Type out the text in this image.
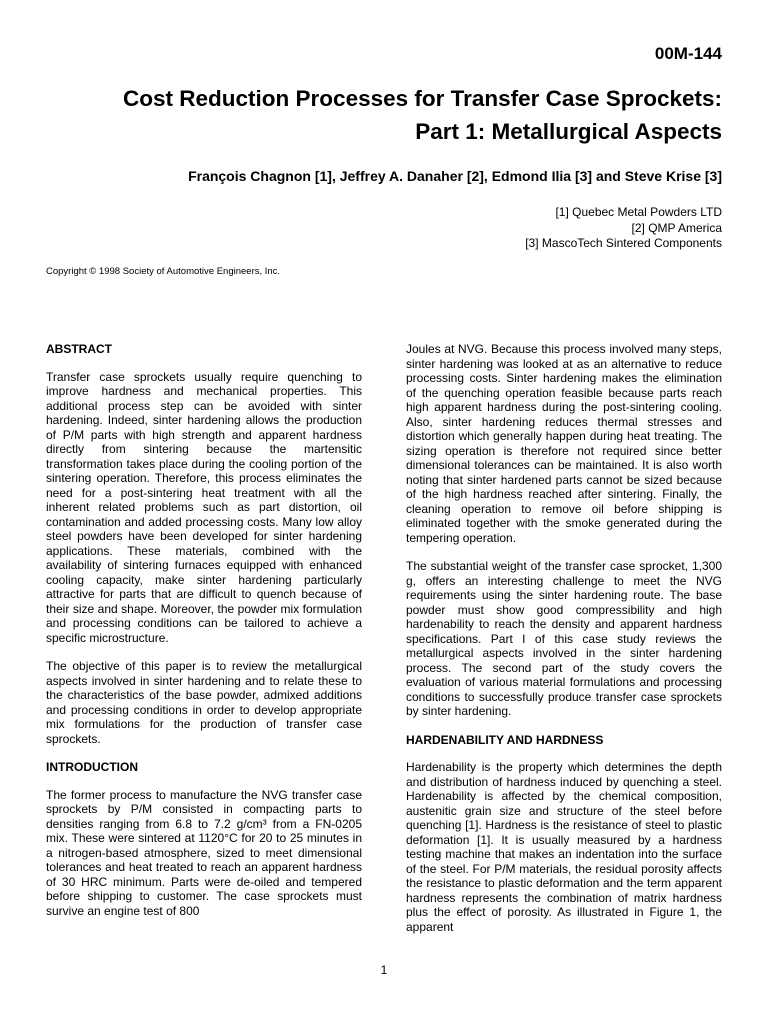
00M-144
Cost Reduction Processes for Transfer Case Sprockets:
Part 1: Metallurgical Aspects
François Chagnon [1], Jeffrey A. Danaher [2], Edmond Ilia [3] and Steve Krise [3]
[1] Quebec Metal Powders LTD
[2] QMP America
[3] MascoTech Sintered Components
Copyright © 1998 Society of Automotive Engineers, Inc.
ABSTRACT

Transfer case sprockets usually require quenching to improve hardness and mechanical properties. This additional process step can be avoided with sinter hardening. Indeed, sinter hardening allows the production of P/M parts with high strength and apparent hardness directly from sintering because the martensitic transformation takes place during the cooling portion of the sintering operation. Therefore, this process eliminates the need for a post-sintering heat treatment with all the inherent related problems such as part distortion, oil contamination and added processing costs. Many low alloy steel powders have been developed for sinter hardening applications. These materials, combined with the availability of sintering furnaces equipped with enhanced cooling capacity, make sinter hardening particularly attractive for parts that are difficult to quench because of their size and shape. Moreover, the powder mix formulation and processing conditions can be tailored to achieve a specific microstructure.

The objective of this paper is to review the metallurgical aspects involved in sinter hardening and to relate these to the characteristics of the base powder, admixed additions and processing conditions in order to develop appropriate mix formulations for the production of transfer case sprockets.

INTRODUCTION

The former process to manufacture the NVG transfer case sprockets by P/M consisted in compacting parts to densities ranging from 6.8 to 7.2 g/cm³ from a FN-0205 mix. These were sintered at 1120°C for 20 to 25 minutes in a nitrogen-based atmosphere, sized to meet dimensional tolerances and heat treated to reach an apparent hardness of 30 HRC minimum. Parts were de-oiled and tempered before shipping to customer. The case sprockets must survive an engine test of 800

Joules at NVG. Because this process involved many steps, sinter hardening was looked at as an alternative to reduce processing costs. Sinter hardening makes the elimination of the quenching operation feasible because parts reach high apparent hardness during the post-sintering cooling. Also, sinter hardening reduces thermal stresses and distortion which generally happen during heat treating. The sizing operation is therefore not required since better dimensional tolerances can be maintained. It is also worth noting that sinter hardened parts cannot be sized because of the high hardness reached after sintering. Finally, the cleaning operation to remove oil before shipping is eliminated together with the smoke generated during the tempering operation.

The substantial weight of the transfer case sprocket, 1,300 g, offers an interesting challenge to meet the NVG requirements using the sinter hardening route. The base powder must show good compressibility and high hardenability to reach the density and apparent hardness specifications. Part I of this case study reviews the metallurgical aspects involved in the sinter hardening process. The second part of the study covers the evaluation of various material formulations and processing conditions to successfully produce transfer case sprockets by sinter hardening.

HARDENABILITY AND HARDNESS

Hardenability is the property which determines the depth and distribution of hardness induced by quenching a steel. Hardenability is affected by the chemical composition, austenitic grain size and structure of the steel before quenching [1]. Hardness is the resistance of steel to plastic deformation [1]. It is usually measured by a hardness testing machine that makes an indentation into the surface of the steel. For P/M materials, the residual porosity affects the resistance to plastic deformation and the term apparent hardness represents the combination of matrix hardness plus the effect of porosity. As illustrated in Figure 1, the apparent

1
